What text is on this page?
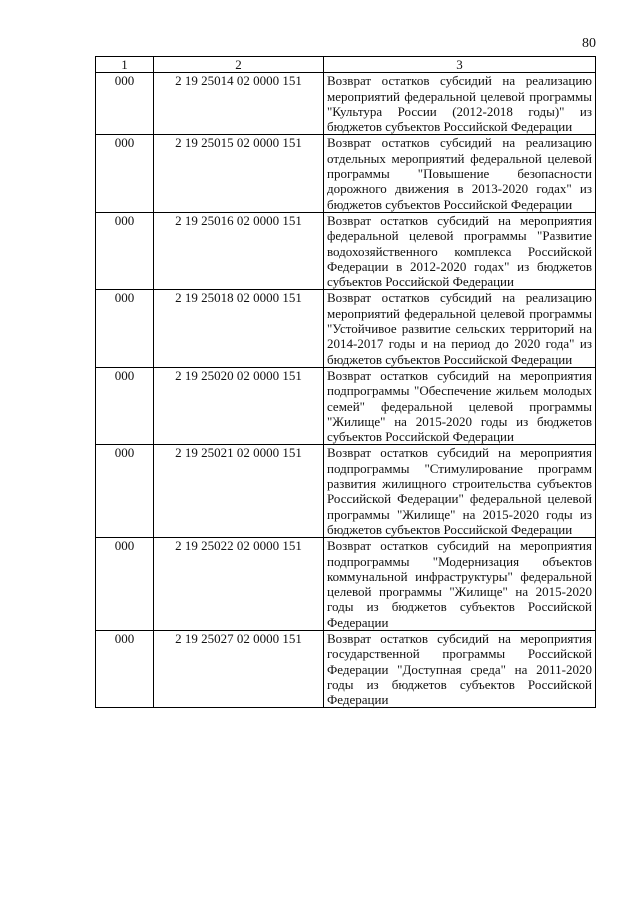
80
1	2	3
000	2 19 25014 02 0000 151	Возврат остатков субсидий на реализацию мероприятий федеральной целевой программы "Культура России (2012-2018 годы)" из бюджетов субъектов Российской Федерации
000	2 19 25015 02 0000 151	Возврат остатков субсидий на реализацию отдельных мероприятий федеральной целевой программы "Повышение безопасности дорожного движения в 2013-2020 годах" из бюджетов субъектов Российской Федерации
000	2 19 25016 02 0000 151	Возврат остатков субсидий на мероприятия федеральной целевой программы "Развитие водохозяйственного комплекса Российской Федерации в 2012-2020 годах" из бюджетов субъектов Российской Федерации
000	2 19 25018 02 0000 151	Возврат остатков субсидий на реализацию мероприятий федеральной целевой программы "Устойчивое развитие сельских территорий на 2014-2017 годы и на период до 2020 года" из бюджетов субъектов Российской Федерации
000	2 19 25020 02 0000 151	Возврат остатков субсидий на мероприятия подпрограммы "Обеспечение жильем молодых семей" федеральной целевой программы "Жилище" на 2015-2020 годы из бюджетов субъектов Российской Федерации
000	2 19 25021 02 0000 151	Возврат остатков субсидий на мероприятия подпрограммы "Стимулирование программ развития жилищного строительства субъектов Российской Федерации" федеральной целевой программы "Жилище" на 2015-2020 годы из бюджетов субъектов Российской Федерации
000	2 19 25022 02 0000 151	Возврат остатков субсидий на мероприятия подпрограммы "Модернизация объектов коммунальной инфраструктуры" федеральной целевой программы "Жилище" на 2015-2020 годы из бюджетов субъектов Российской Федерации
000	2 19 25027 02 0000 151	Возврат остатков субсидий на мероприятия государственной программы Российской Федерации "Доступная среда" на 2011-2020 годы из бюджетов субъектов Российской Федерации
